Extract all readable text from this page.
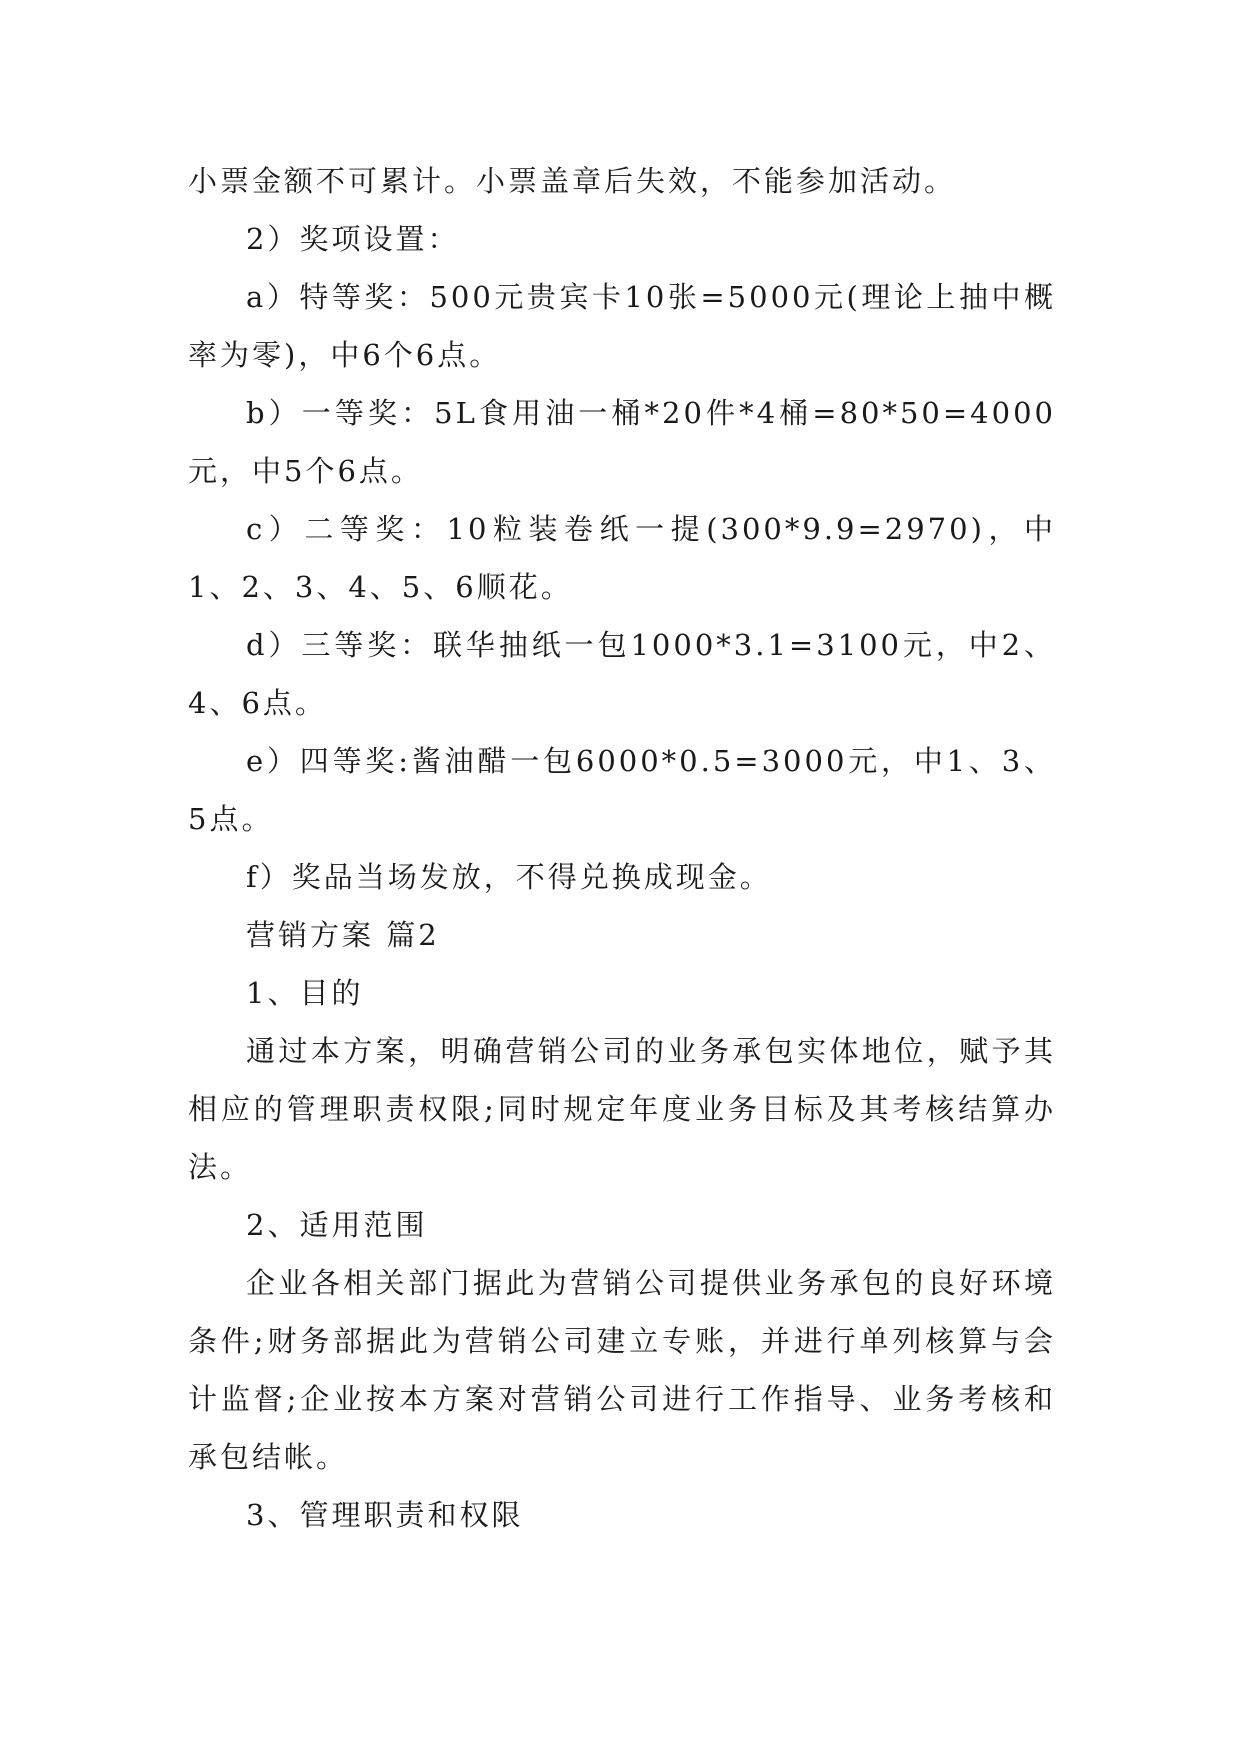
小票金额不可累计。小票盖章后失效，不能参加活动。

2）奖项设置：

a）特等奖：500元贵宾卡10张=5000元(理论上抽中概率为零)，中6个6点。

b）一等奖：5L食用油一桶*20件*4桶=80*50=4000元，中5个6点。

c）二等奖：10粒装卷纸一提(300*9.9=2970)，中1、2、3、4、5、6顺花。

d）三等奖：联华抽纸一包1000*3.1=3100元，中2、4、6点。

e）四等奖:酱油醋一包6000*0.5=3000元，中1、3、5点。

f）奖品当场发放，不得兑换成现金。

营销方案 篇2

1、目的

通过本方案，明确营销公司的业务承包实体地位，赋予其相应的管理职责权限;同时规定年度业务目标及其考核结算办法。

2、适用范围

企业各相关部门据此为营销公司提供业务承包的良好环境条件;财务部据此为营销公司建立专账，并进行单列核算与会计监督;企业按本方案对营销公司进行工作指导、业务考核和承包结帐。

3、管理职责和权限
